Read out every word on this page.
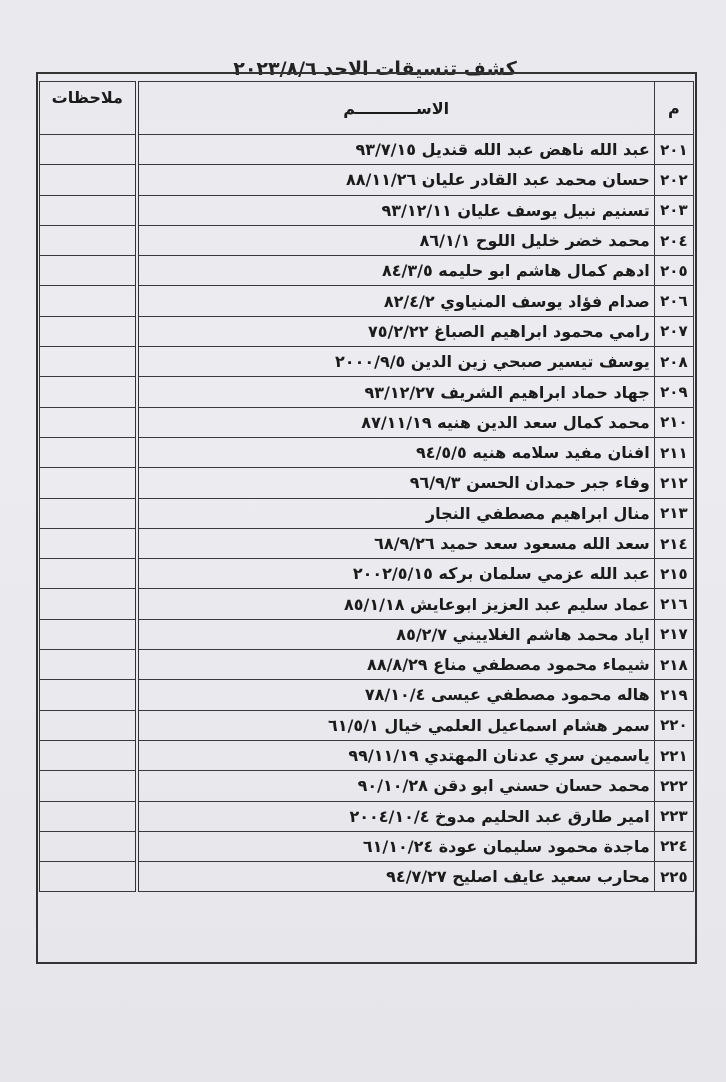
كشف تنسيقات الاحد ٢٠٢٣/٨/٦
م	الاســـــــــــم	ملاحظات
٢٠١	عبد الله ناهض عبد الله قنديل ٩٣/٧/١٥	
٢٠٢	حسان محمد عبد القادر عليان ٨٨/١١/٢٦	
٢٠٣	تسنيم نبيل يوسف عليان ٩٣/١٢/١١	
٢٠٤	محمد خضر خليل اللوح ٨٦/١/١	
٢٠٥	ادهم كمال هاشم ابو حليمه ٨٤/٣/٥	
٢٠٦	صدام فؤاد يوسف المنياوي ٨٢/٤/٢	
٢٠٧	رامي محمود ابراهيم الصباغ ٧٥/٢/٢٢	
٢٠٨	يوسف تيسير صبحي زين الدين ٢٠٠٠/٩/٥	
٢٠٩	جهاد حماد ابراهيم الشريف ٩٣/١٢/٢٧	
٢١٠	محمد كمال سعد الدين هنيه ٨٧/١١/١٩	
٢١١	افنان مفيد سلامه هنيه ٩٤/٥/٥	
٢١٢	وفاء جبر حمدان الحسن ٩٦/٩/٣	
٢١٣	منال ابراهيم مصطفي النجار	
٢١٤	سعد الله مسعود سعد حميد ٦٨/٩/٢٦	
٢١٥	عبد الله عزمي سلمان بركه ٢٠٠٢/٥/١٥	
٢١٦	عماد سليم عبد العزيز ابوعايش ٨٥/١/١٨	
٢١٧	اياد محمد هاشم الغلاييني ٨٥/٢/٧	
٢١٨	شيماء محمود مصطفي مناع ٨٨/٨/٢٩	
٢١٩	هاله محمود مصطفي عيسى ٧٨/١٠/٤	
٢٢٠	سمر هشام اسماعيل العلمي خيال ٦١/٥/١	
٢٢١	ياسمين سري عدنان المهتدي ٩٩/١١/١٩	
٢٢٢	محمد حسان حسني ابو دقن ٩٠/١٠/٢٨	
٢٢٣	امير طارق عبد الحليم مدوخ ٢٠٠٤/١٠/٤	
٢٢٤	ماجدة محمود سليمان عودة ٦١/١٠/٢٤	
٢٢٥	محارب سعيد عايف اصليح ٩٤/٧/٢٧	
